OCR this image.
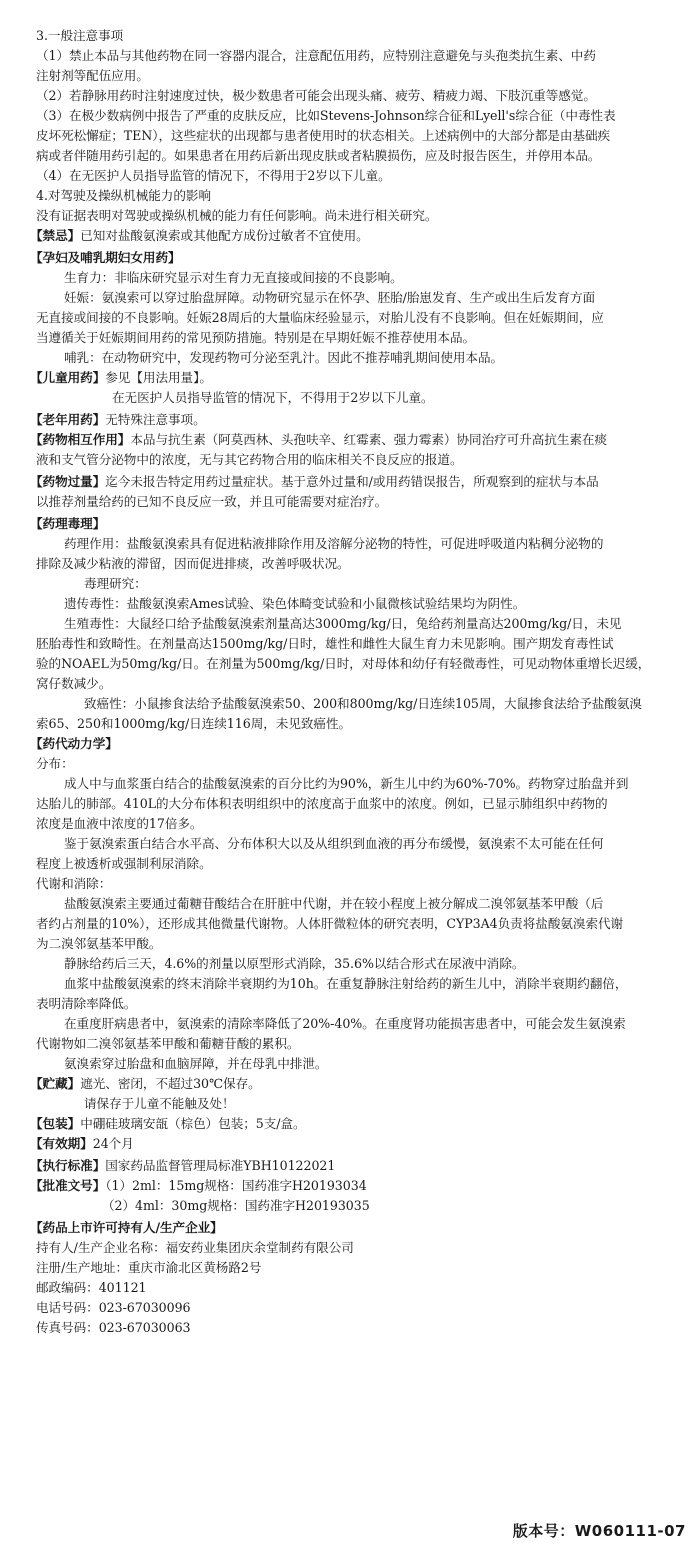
3.一般注意事项
（1）禁止本品与其他药物在同一容器内混合，注意配伍用药，应特别注意避免与头孢类抗生素、中药
注射剂等配伍应用。
（2）若静脉用药时注射速度过快，极少数患者可能会出现头痛、疲劳、精疲力竭、下肢沉重等感觉。
（3）在极少数病例中报告了严重的皮肤反应，比如Stevens-Johnson综合征和Lyell's综合征（中毒性表
皮坏死松懈症；TEN），这些症状的出现都与患者使用时的状态相关。上述病例中的大部分都是由基础疾
病或者伴随用药引起的。如果患者在用药后新出现皮肤或者粘膜损伤，应及时报告医生，并停用本品。
（4）在无医护人员指导监管的情况下，不得用于2岁以下儿童。
4.对驾驶及操纵机械能力的影响
没有证据表明对驾驶或操纵机械的能力有任何影响。尚未进行相关研究。
【禁忌】已知对盐酸氨溴索或其他配方成份过敏者不宜使用。
【孕妇及哺乳期妇女用药】
生育力：非临床研究显示对生育力无直接或间接的不良影响。
妊娠：氨溴索可以穿过胎盘屏障。动物研究显示在怀孕、胚胎/胎崽发育、生产或出生后发育方面
无直接或间接的不良影响。妊娠28周后的大量临床经验显示，对胎儿没有不良影响。但在妊娠期间，应
当遵循关于妊娠期间用药的常见预防措施。特别是在早期妊娠不推荐使用本品。
哺乳：在动物研究中，发现药物可分泌至乳汁。因此不推荐哺乳期间使用本品。
【儿童用药】参见【用法用量】。
在无医护人员指导监管的情况下，不得用于2岁以下儿童。
【老年用药】无特殊注意事项。
【药物相互作用】本品与抗生素（阿莫西林、头孢呋辛、红霉素、强力霉素）协同治疗可升高抗生素在痰
液和支气管分泌物中的浓度，无与其它药物合用的临床相关不良反应的报道。
【药物过量】迄今未报告特定用药过量症状。基于意外过量和/或用药错误报告，所观察到的症状与本品
以推荐剂量给药的已知不良反应一致，并且可能需要对症治疗。
【药理毒理】
药理作用：盐酸氨溴索具有促进粘液排除作用及溶解分泌物的特性，可促进呼吸道内粘稠分泌物的
排除及减少粘液的滞留，因而促进排痰，改善呼吸状况。
毒理研究：
遗传毒性：盐酸氨溴索Ames试验、染色体畸变试验和小鼠微核试验结果均为阴性。
生殖毒性：大鼠经口给予盐酸氨溴索剂量高达3000mg/kg/日，兔给药剂量高达200mg/kg/日，未见
胚胎毒性和致畸性。在剂量高达1500mg/kg/日时，雄性和雌性大鼠生育力未见影响。围产期发育毒性试
验的NOAEL为50mg/kg/日。在剂量为500mg/kg/日时，对母体和幼仔有轻微毒性，可见动物体重增长迟缓，
窝仔数减少。
致癌性：小鼠掺食法给予盐酸氨溴索50、200和800mg/kg/日连续105周，大鼠掺食法给予盐酸氨溴
索65、250和1000mg/kg/日连续116周，未见致癌性。
【药代动力学】
分布：
成人中与血浆蛋白结合的盐酸氨溴索的百分比约为90%，新生儿中约为60%-70%。药物穿过胎盘并到
达胎儿的肺部。410L的大分布体积表明组织中的浓度高于血浆中的浓度。例如，已显示肺组织中药物的
浓度是血液中浓度的17倍多。
鉴于氨溴索蛋白结合水平高、分布体积大以及从组织到血液的再分布缓慢，氨溴索不太可能在任何
程度上被透析或强制利尿消除。
代谢和消除：
盐酸氨溴索主要通过葡糖苷酸结合在肝脏中代谢，并在较小程度上被分解成二溴邻氨基苯甲酸（后
者约占剂量的10%），还形成其他微量代谢物。人体肝微粒体的研究表明，CYP3A4负责将盐酸氨溴索代谢
为二溴邻氨基苯甲酸。
静脉给药后三天，4.6%的剂量以原型形式消除，35.6%以结合形式在尿液中消除。
血浆中盐酸氨溴索的终末消除半衰期约为10h。在重复静脉注射给药的新生儿中，消除半衰期约翻倍，
表明清除率降低。
在重度肝病患者中，氨溴索的清除率降低了20%-40%。在重度肾功能损害患者中，可能会发生氨溴索
代谢物如二溴邻氨基苯甲酸和葡糖苷酸的累积。
氨溴索穿过胎盘和血脑屏障，并在母乳中排泄。
【贮藏】遮光、密闭，不超过30℃保存。
请保存于儿童不能触及处！
【包装】中硼硅玻璃安瓿（棕色）包装；5支/盒。
【有效期】24个月
【执行标准】国家药品监督管理局标准YBH10122021
【批准文号】（1）2ml：15mg规格：国药准字H20193034
（2）4ml：30mg规格：国药准字H20193035
【药品上市许可持有人/生产企业】
持有人/生产企业名称：福安药业集团庆余堂制药有限公司
注册/生产地址：重庆市渝北区黄杨路2号
邮政编码：401121
电话号码：023-67030096
传真号码：023-67030063
版本号：W060111-07
